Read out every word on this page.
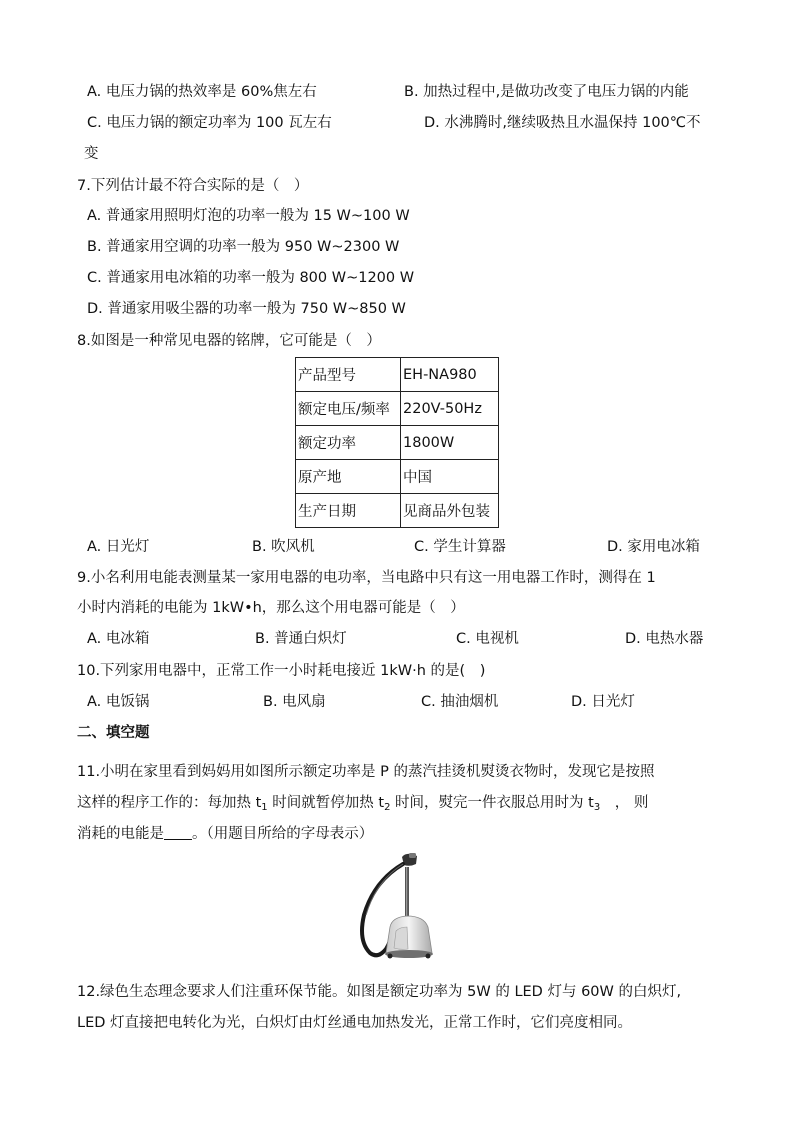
A. 电压力锅的热效率是 60%焦左右	B. 加热过程中,是做功改变了电压力锅的内能
C. 电压力锅的额定功率为 100 瓦左右	D. 水沸腾时,继续吸热且水温保持 100℃不
变
7.下列估计最不符合实际的是（　）
A. 普通家用照明灯泡的功率一般为 15 W~100 W
B. 普通家用空调的功率一般为 950 W~2300 W
C. 普通家用电冰箱的功率一般为 800 W~1200 W
D. 普通家用吸尘器的功率一般为 750 W~850 W
8.如图是一种常见电器的铭牌，它可能是（　）
产品型号	EH-NA980
额定电压/频率	220V-50Hz
额定功率	1800W
原产地	中国
生产日期	见商品外包装
A. 日光灯	B. 吹风机	C. 学生计算器	D. 家用电冰箱
9.小名利用电能表测量某一家用电器的电功率，当电路中只有这一用电器工作时，测得在 1
小时内消耗的电能为 1kW•h，那么这个用电器可能是（　）
A. 电冰箱	B. 普通白炽灯	C. 电视机	D. 电热水器
10.下列家用电器中，正常工作一小时耗电接近 1kW·h 的是(　)
A. 电饭锅	B. 电风扇	C. 抽油烟机	D. 日光灯
二、填空题
11.小明在家里看到妈妈用如图所示额定功率是 P 的蒸汽挂烫机熨烫衣物时，发现它是按照
这样的程序工作的：每加热 $t_1$ 时间就暂停加热 $t_2$ 时间，熨完一件衣服总用时为 $t_3$　， 则
消耗的电能是 。（用题目所给的字母表示）
12.绿色生态理念要求人们注重环保节能。如图是额定功率为 5W 的 LED 灯与 60W 的白炽灯,
LED 灯直接把电转化为光，白炽灯由灯丝通电加热发光，正常工作时，它们亮度相同。
